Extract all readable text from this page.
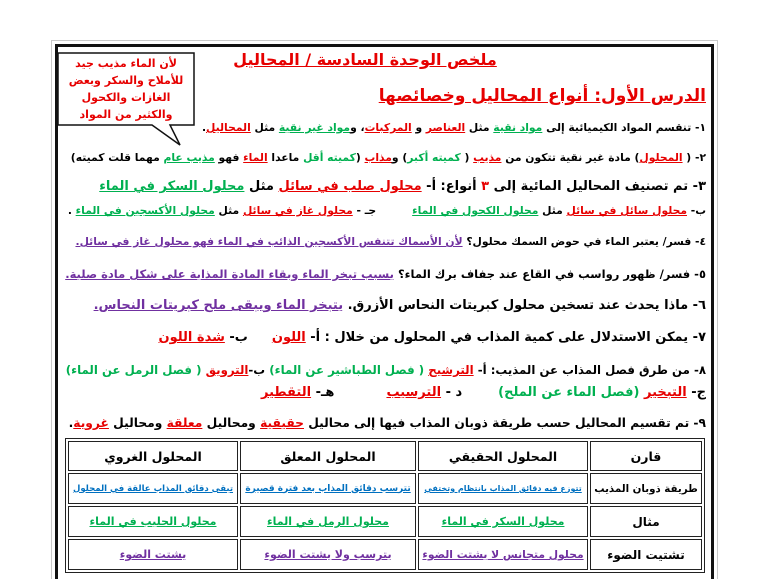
ملخص الوحدة السادسة / المحاليل
لأن الماء مذيب جيد
للأملاح والسكر وبعض
الغازات والكحول
والكثير من المواد
الدرس الأول: أنواع المحاليل وخصائصها
١- تنقسم المواد الكيميائية إلى مواد نقية مثل العناصر و المركبات، ومواد غير نقية مثل المحاليل.
٢- ( المحلول) مادة غير نقية تتكون من مذيب ( كميته أكبر) ومذاب (كميته أقل ماعدا الماء فهو مذيب عام مهما قلت كميته)
٣- تم تصنيف المحاليل المائية إلى ٣ أنواع: أ- محلول صلب في سائل مثل محلول السكر في الماء
ب- محلول سائل في سائل مثل محلول الكحول في الماءجـ - محلول غاز في سائل مثل محلول الأكسجين في الماء .
٤- فسر/ يعتبر الماء في حوض السمك محلول؟ لأن الأسماك تتنفس الأكسجين الذائب في الماء فهو محلول غاز في سائل.
٥- فسر/ ظهور رواسب في القاع عند جفاف برك الماء؟ بسبب تبخر الماء وبقاء المادة المذابة على شكل مادة صلبة.
٦- ماذا يحدث عند تسخين محلول كبريتات النحاس الأزرق. يتبخر الماء ويبقى ملح كبريتات النحاس.
٧- يمكن الاستدلال على كمية المذاب في المحلول من خلال : أ- اللونب- شدة اللون
٨- من طرق فصل المذاب عن المذيب: أ- الترشيح ( فصل الطباشير عن الماء) ب-الترويق ( فصل الرمل عن الماء)
ج- التبخير (فصل الماء عن الملح)د - الترسيبهـ- التقطير
٩- تم تقسيم المحاليل حسب طريقة ذوبان المذاب فيها إلى محاليل حقيقية ومحاليل معلقة ومحاليل غروية.
قارن
المحلول الحقيقي
المحلول المعلق
المحلول الغروي
طريقة ذوبان المذيب
تتوزع فيه دقائق المذاب بانتظام وتختفي
تترسب دقائق المذاب بعد فترة قصيرة
تبقى دقائق المذاب عالقة في المحلول
مثال
محلول السكر في الماء
محلول الرمل في الماء
محلول الحليب في الماء
تشتيت الضوء
محلول متجانس لا يشتت الضوء
يترسب ولا يشتت الضوء
يشتت الضوء
